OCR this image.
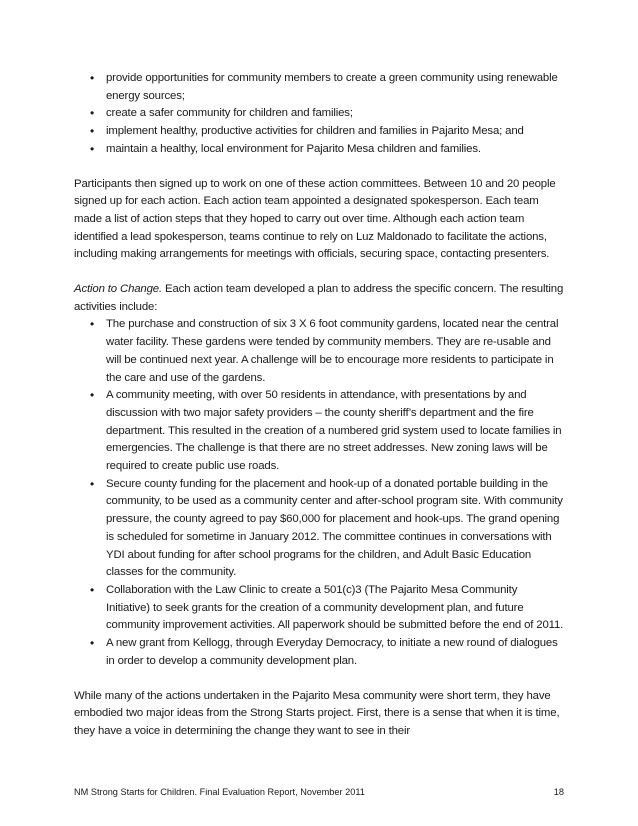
• provide opportunities for community members to create a green community using renewable energy sources;
• create a safer community for children and families;
• implement healthy, productive activities for children and families in Pajarito Mesa; and
• maintain a healthy, local environment for Pajarito Mesa children and families.

Participants then signed up to work on one of these action committees. Between 10 and 20 people signed up for each action. Each action team appointed a designated spokesperson. Each team made a list of action steps that they hoped to carry out over time. Although each action team identified a lead spokesperson, teams continue to rely on Luz Maldonado to facilitate the actions, including making arrangements for meetings with officials, securing space, contacting presenters.

Action to Change. Each action team developed a plan to address the specific concern. The resulting activities include:

• The purchase and construction of six 3 X 6 foot community gardens, located near the central water facility. These gardens were tended by community members. They are re-usable and will be continued next year. A challenge will be to encourage more residents to participate in the care and use of the gardens.
• A community meeting, with over 50 residents in attendance, with presentations by and discussion with two major safety providers – the county sheriff’s department and the fire department. This resulted in the creation of a numbered grid system used to locate families in emergencies. The challenge is that there are no street addresses. New zoning laws will be required to create public use roads.
• Secure county funding for the placement and hook-up of a donated portable building in the community, to be used as a community center and after-school program site. With community pressure, the county agreed to pay $60,000 for placement and hook-ups. The grand opening is scheduled for sometime in January 2012. The committee continues in conversations with YDI about funding for after school programs for the children, and Adult Basic Education classes for the community.
• Collaboration with the Law Clinic to create a 501(c)3 (The Pajarito Mesa Community Initiative) to seek grants for the creation of a community development plan, and future community improvement activities. All paperwork should be submitted before the end of 2011.
• A new grant from Kellogg, through Everyday Democracy, to initiate a new round of dialogues in order to develop a community development plan.

While many of the actions undertaken in the Pajarito Mesa community were short term, they have embodied two major ideas from the Strong Starts project. First, there is a sense that when it is time, they have a voice in determining the change they want to see in their

NM Strong Starts for Children. Final Evaluation Report, November 2011	18
